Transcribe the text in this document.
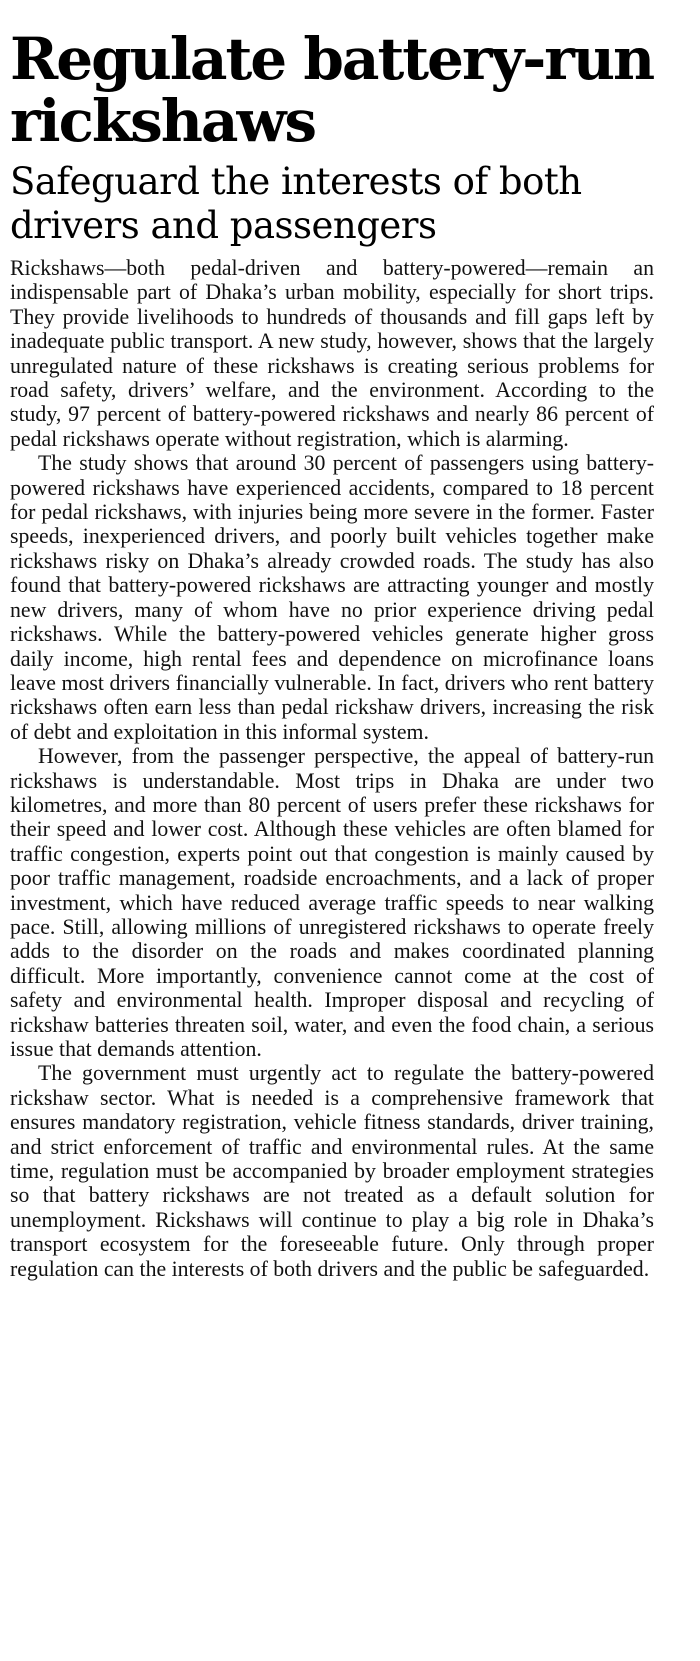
Regulate battery-run rickshaws
Safeguard the interests of both drivers and passengers

Rickshaws—both pedal-driven and battery-powered—remain an indispensable part of Dhaka’s urban mobility, especially for short trips. They provide livelihoods to hundreds of thousands and fill gaps left by inadequate public transport. A new study, however, shows that the largely unregulated nature of these rickshaws is creating serious problems for road safety, drivers’ welfare, and the environment. According to the study, 97 percent of battery-powered rickshaws and nearly 86 percent of pedal rickshaws operate without registration, which is alarming.

The study shows that around 30 percent of passengers using battery-powered rickshaws have experienced accidents, compared to 18 percent for pedal rickshaws, with injuries being more severe in the former. Faster speeds, inexperienced drivers, and poorly built vehicles together make rickshaws risky on Dhaka’s already crowded roads. The study has also found that battery-powered rickshaws are attracting younger and mostly new drivers, many of whom have no prior experience driving pedal rickshaws. While the battery-powered vehicles generate higher gross daily income, high rental fees and dependence on microfinance loans leave most drivers financially vulnerable. In fact, drivers who rent battery rickshaws often earn less than pedal rickshaw drivers, increasing the risk of debt and exploitation in this informal system.

However, from the passenger perspective, the appeal of battery-run rickshaws is understandable. Most trips in Dhaka are under two kilometres, and more than 80 percent of users prefer these rickshaws for their speed and lower cost. Although these vehicles are often blamed for traffic congestion, experts point out that congestion is mainly caused by poor traffic management, roadside encroachments, and a lack of proper investment, which have reduced average traffic speeds to near walking pace. Still, allowing millions of unregistered rickshaws to operate freely adds to the disorder on the roads and makes coordinated planning difficult. More importantly, convenience cannot come at the cost of safety and environmental health. Improper disposal and recycling of rickshaw batteries threaten soil, water, and even the food chain, a serious issue that demands attention.

The government must urgently act to regulate the battery-powered rickshaw sector. What is needed is a comprehensive framework that ensures mandatory registration, vehicle fitness standards, driver training, and strict enforcement of traffic and environmental rules. At the same time, regulation must be accompanied by broader employment strategies so that battery rickshaws are not treated as a default solution for unemployment. Rickshaws will continue to play a big role in Dhaka’s transport ecosystem for the foreseeable future. Only through proper regulation can the interests of both drivers and the public be safeguarded.
